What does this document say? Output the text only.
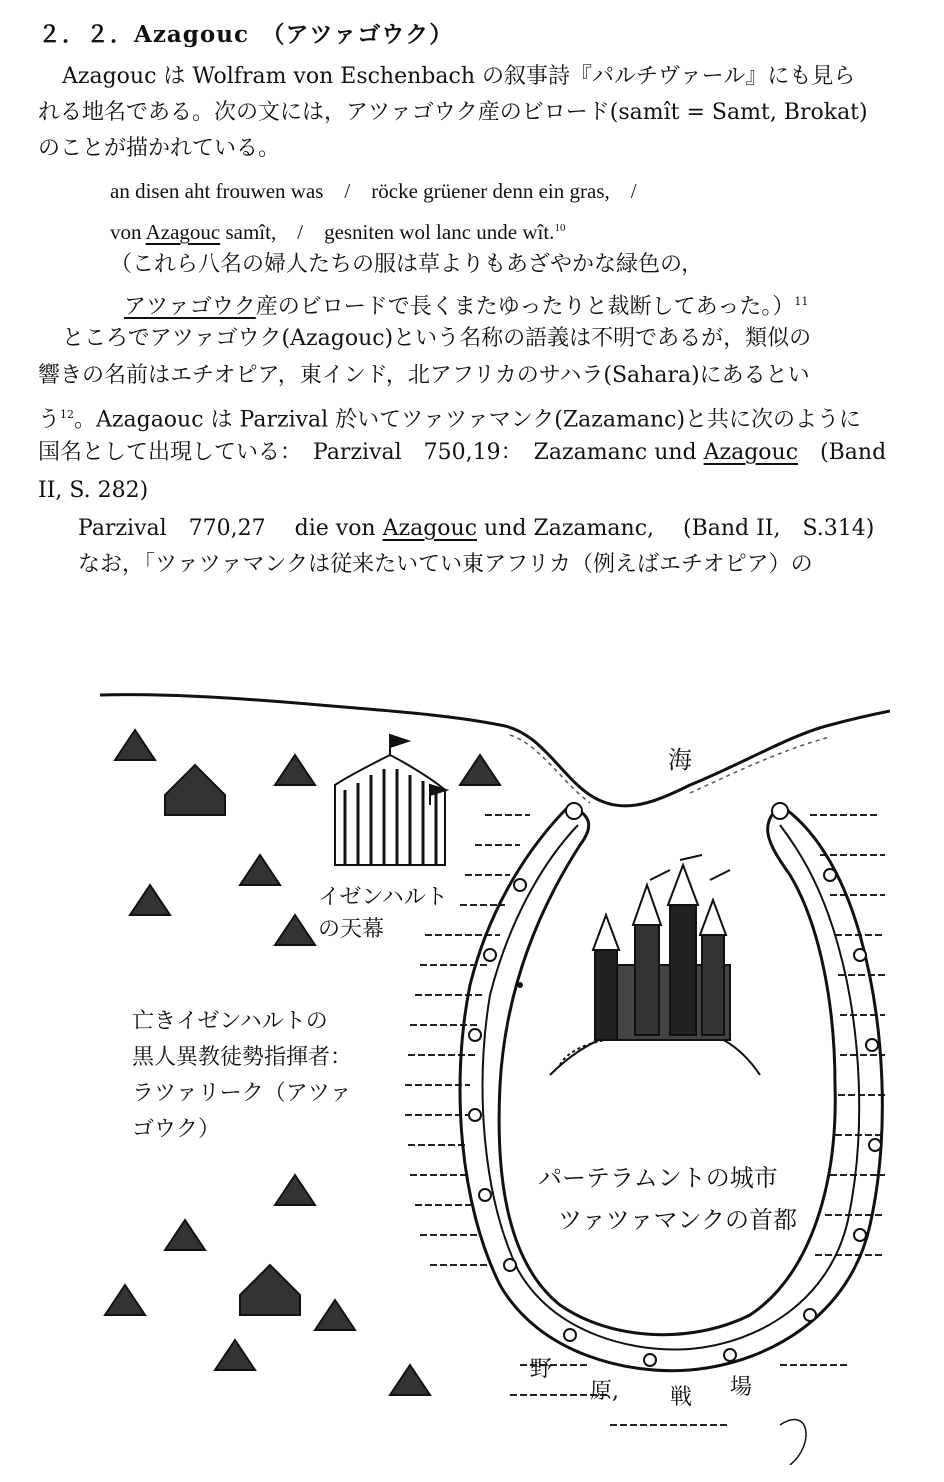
２．２．Azagouc　（アツァゴウク）
Azagouc は Wolfram von Eschenbach の叙事詩『パルチヴァール』にも見ら
れる地名である。次の文には，アツァゴウク産のビロード(samît = Samt, Brokat)
のことが描かれている。
an disen aht frouwen was　/　röcke grüener denn ein gras,　/
von Azagouc samît,　/　gesniten wol lanc unde wît.$^{10}$
（これら八名の婦人たちの服は草よりもあざやかな緑色の，
アツァゴウク産のビロードで長くまたゆったりと裁断してあった。）$^{11}$
ところでアツァゴウク(Azagouc)という名称の語義は不明であるが，類似の
響きの名前はエチオピア，東インド，北アフリカのサハラ(Sahara)にあるとい
う$^{12}$。Azagaouc は Parzival 於いてツァツァマンク(Zazamanc)と共に次のように
国名として出現している：　Parzival　750,19：　Zazamanc und Azagouc　(Band
II, S. 282)
Parzival　770,27　 die von Azagouc und Zazamanc,　 (Band II,　S.314)
なお，「ツァツァマンクは従来たいてい東アフリカ（例えばエチオピア）の
海
イゼンハルト
の天幕
亡きイゼンハルトの
黒人異教徒勢指揮者：
ラツァリーク（アツァ
ゴウク）
パーテラムントの城市
ツァツァマンクの首都
野
原, 戦 場
